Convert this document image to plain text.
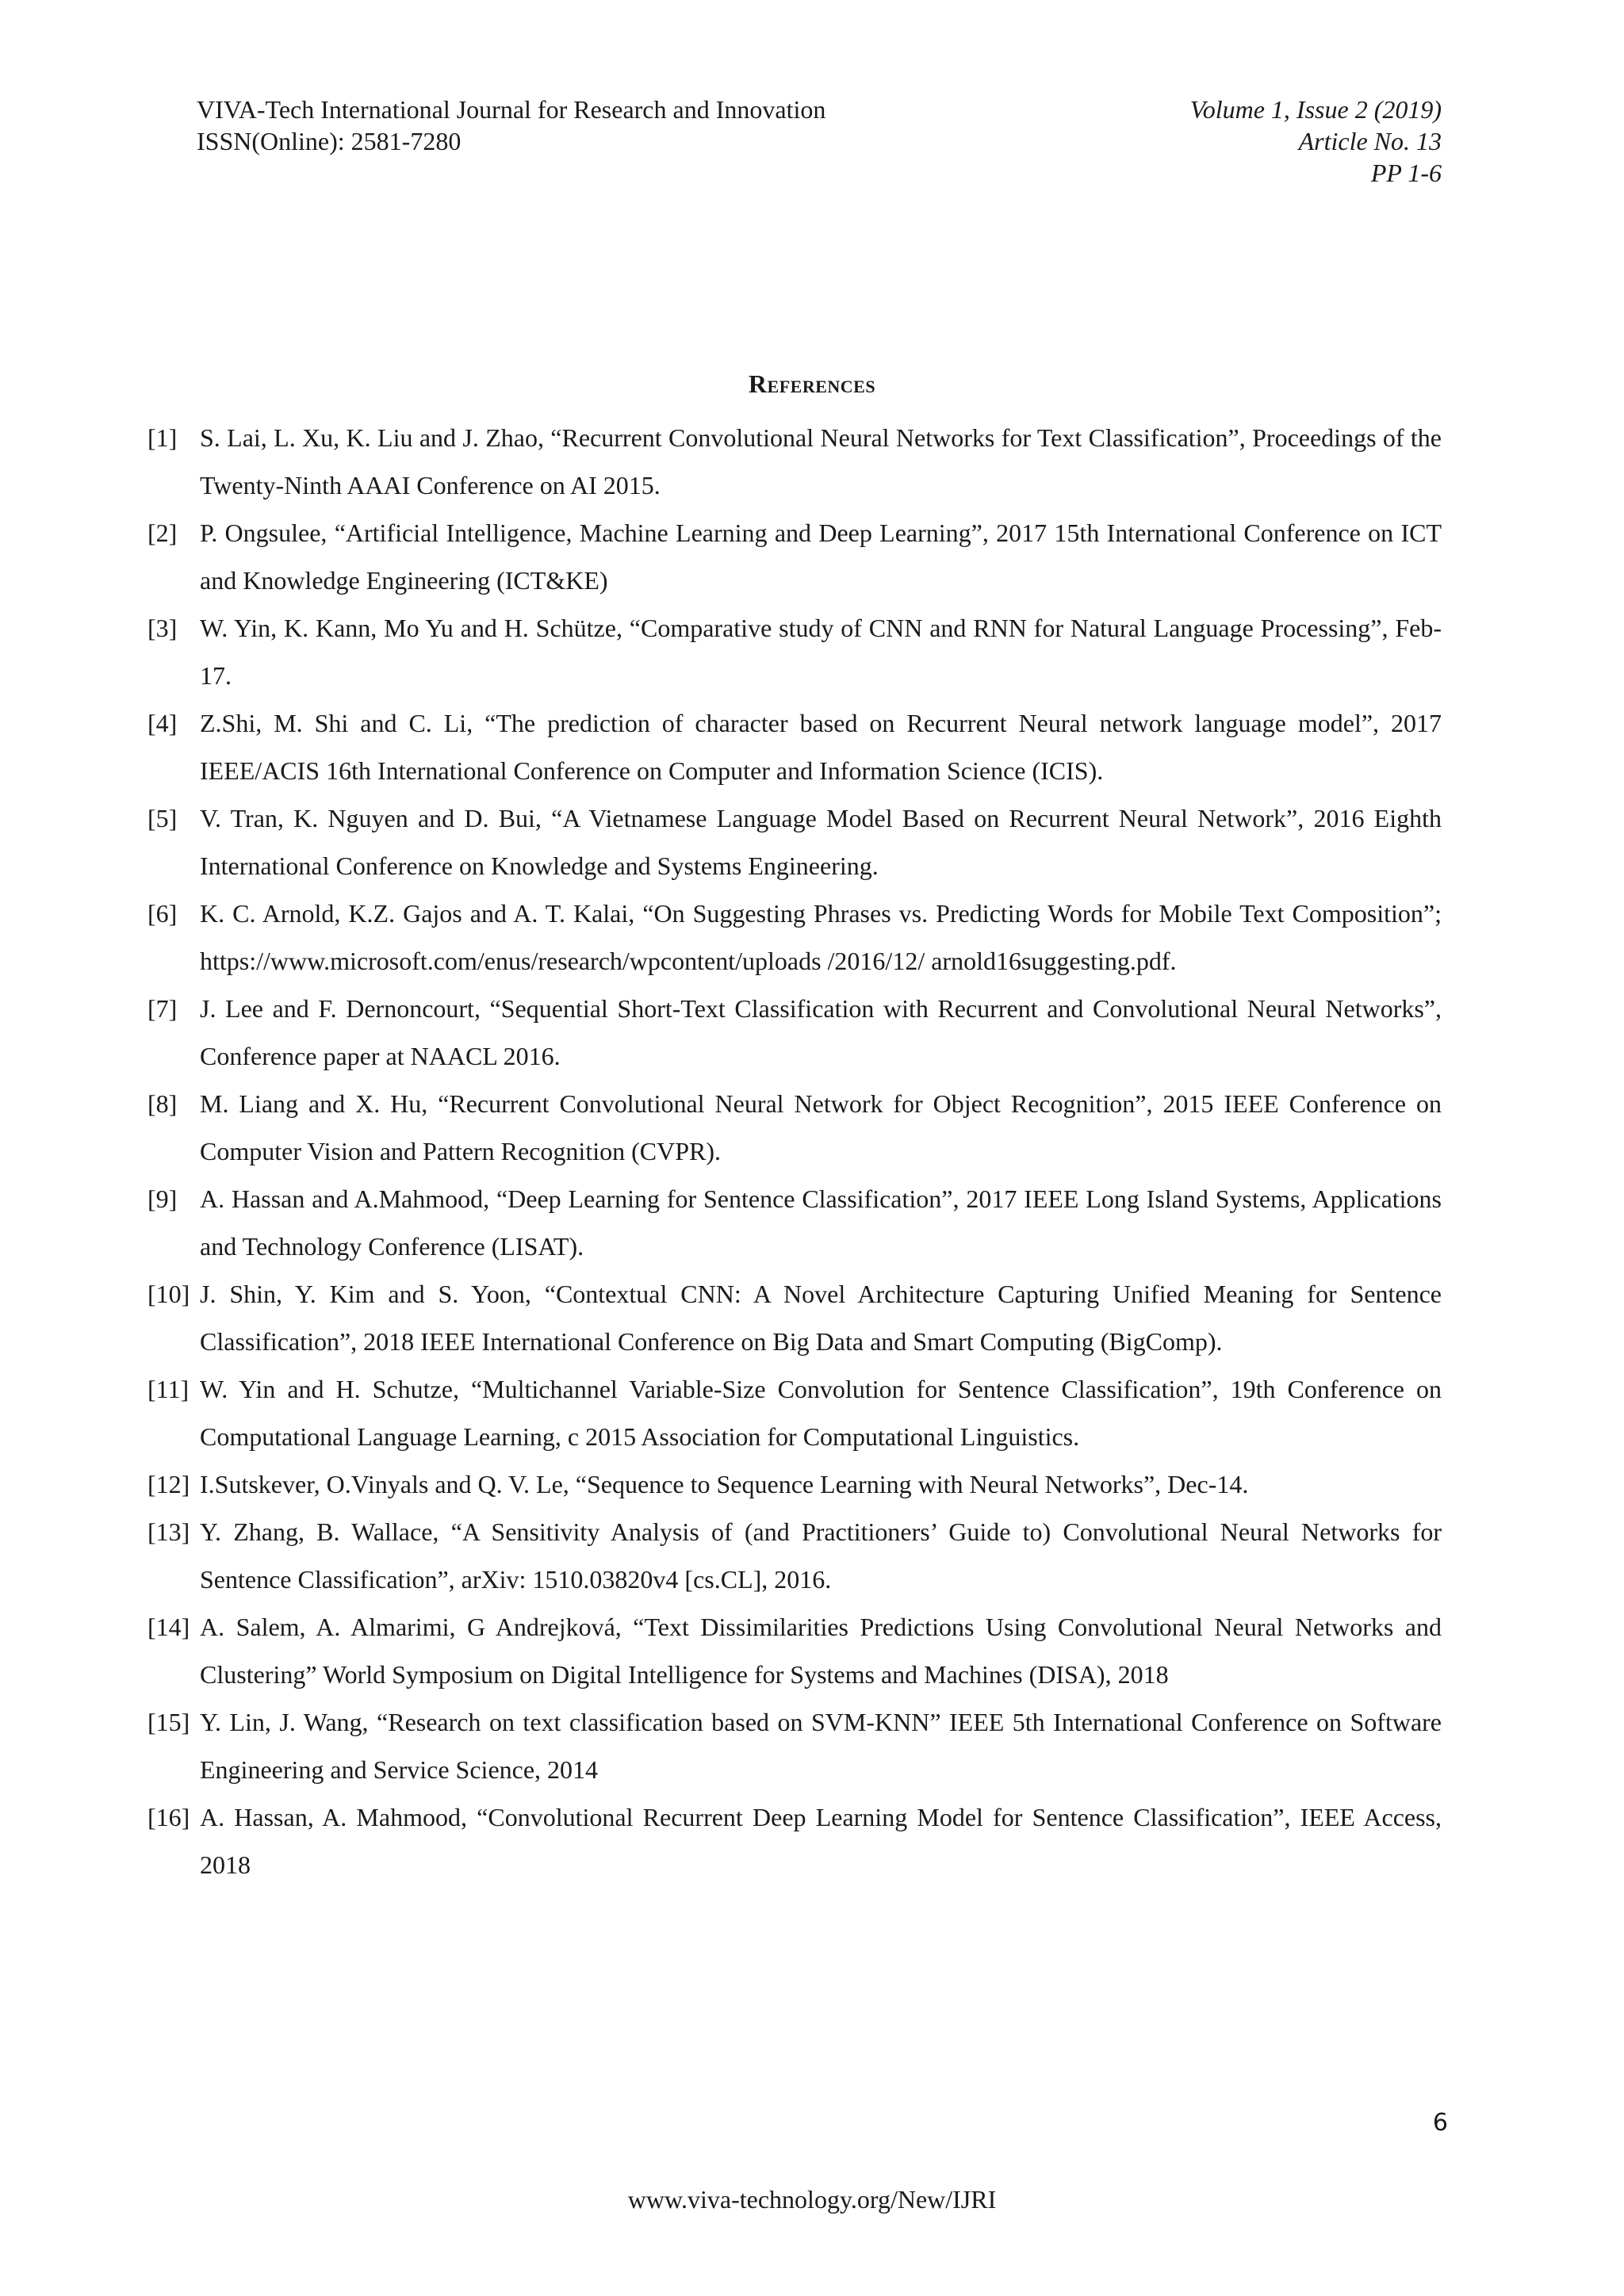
VIVA-Tech International Journal for Research and Innovation
ISSN(Online): 2581-7280
Volume 1, Issue 2 (2019)
Article No. 13
PP 1-6
References
[1] S. Lai, L. Xu, K. Liu and J. Zhao, “Recurrent Convolutional Neural Networks for Text Classification”, Proceedings of the Twenty-Ninth AAAI Conference on AI 2015.
[2] P. Ongsulee, “Artificial Intelligence, Machine Learning and Deep Learning”, 2017 15th International Conference on ICT and Knowledge Engineering (ICT&KE)
[3] W. Yin, K. Kann, Mo Yu and H. Schütze, “Comparative study of CNN and RNN for Natural Language Processing”, Feb-17.
[4] Z.Shi, M. Shi and C. Li, “The prediction of character based on Recurrent Neural network language model”, 2017 IEEE/ACIS 16th International Conference on Computer and Information Science (ICIS).
[5] V. Tran, K. Nguyen and D. Bui, “A Vietnamese Language Model Based on Recurrent Neural Network”, 2016 Eighth International Conference on Knowledge and Systems Engineering.
[6] K. C. Arnold, K.Z. Gajos and A. T. Kalai, “On Suggesting Phrases vs. Predicting Words for Mobile Text Composition”; https://www.microsoft.com/enus/research/wpcontent/uploads /2016/12/ arnold16suggesting.pdf.
[7] J. Lee and F. Dernoncourt, “Sequential Short-Text Classification with Recurrent and Convolutional Neural Networks”, Conference paper at NAACL 2016.
[8] M. Liang and X. Hu, “Recurrent Convolutional Neural Network for Object Recognition”, 2015 IEEE Conference on Computer Vision and Pattern Recognition (CVPR).
[9] A. Hassan and A.Mahmood, “Deep Learning for Sentence Classification”, 2017 IEEE Long Island Systems, Applications and Technology Conference (LISAT).
[10] J. Shin, Y. Kim and S. Yoon, “Contextual CNN: A Novel Architecture Capturing Unified Meaning for Sentence Classification”, 2018 IEEE International Conference on Big Data and Smart Computing (BigComp).
[11] W. Yin and H. Schutze, “Multichannel Variable-Size Convolution for Sentence Classification”, 19th Conference on Computational Language Learning, c 2015 Association for Computational Linguistics.
[12] I.Sutskever, O.Vinyals and Q. V. Le, “Sequence to Sequence Learning with Neural Networks”, Dec-14.
[13] Y. Zhang, B. Wallace, “A Sensitivity Analysis of (and Practitioners’ Guide to) Convolutional Neural Networks for Sentence Classification”, arXiv: 1510.03820v4 [cs.CL], 2016.
[14] A. Salem, A. Almarimi, G Andrejková, “Text Dissimilarities Predictions Using Convolutional Neural Networks and Clustering” World Symposium on Digital Intelligence for Systems and Machines (DISA), 2018
[15] Y. Lin, J. Wang, “Research on text classification based on SVM-KNN” IEEE 5th International Conference on Software Engineering and Service Science, 2014
[16] A. Hassan, A. Mahmood, “Convolutional Recurrent Deep Learning Model for Sentence Classification”, IEEE Access, 2018
6
www.viva-technology.org/New/IJRI
